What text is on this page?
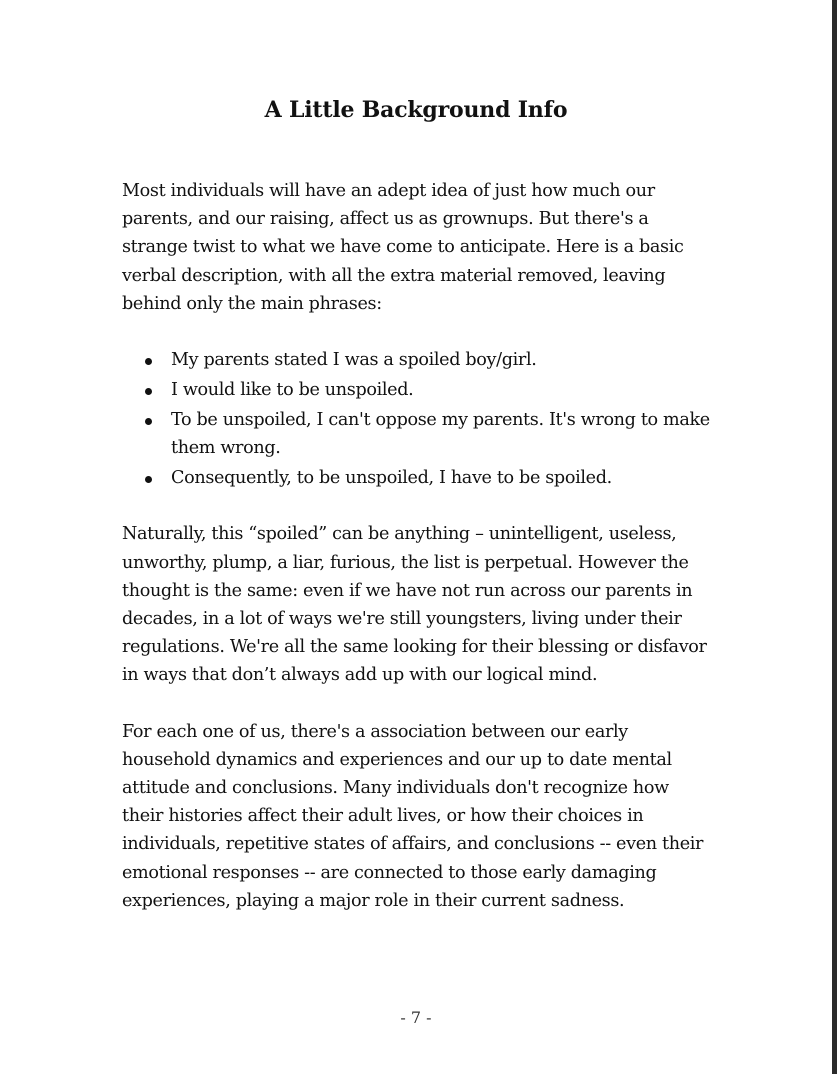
A Little Background Info

Most individuals will have an adept idea of just how much our parents, and our raising, affect us as grownups. But there's a strange twist to what we have come to anticipate. Here is a basic verbal description, with all the extra material removed, leaving behind only the main phrases:

My parents stated I was a spoiled boy/girl.
I would like to be unspoiled.
To be unspoiled, I can't oppose my parents. It's wrong to make them wrong.
Consequently, to be unspoiled, I have to be spoiled.

Naturally, this “spoiled” can be anything – unintelligent, useless, unworthy, plump, a liar, furious, the list is perpetual. However the thought is the same: even if we have not run across our parents in decades, in a lot of ways we're still youngsters, living under their regulations. We're all the same looking for their blessing or disfavor in ways that don’t always add up with our logical mind.

For each one of us, there's a association between our early household dynamics and experiences and our up to date mental attitude and conclusions. Many individuals don't recognize how their histories affect their adult lives, or how their choices in individuals, repetitive states of affairs, and conclusions -- even their emotional responses -- are connected to those early damaging experiences, playing a major role in their current sadness.

- 7 -
